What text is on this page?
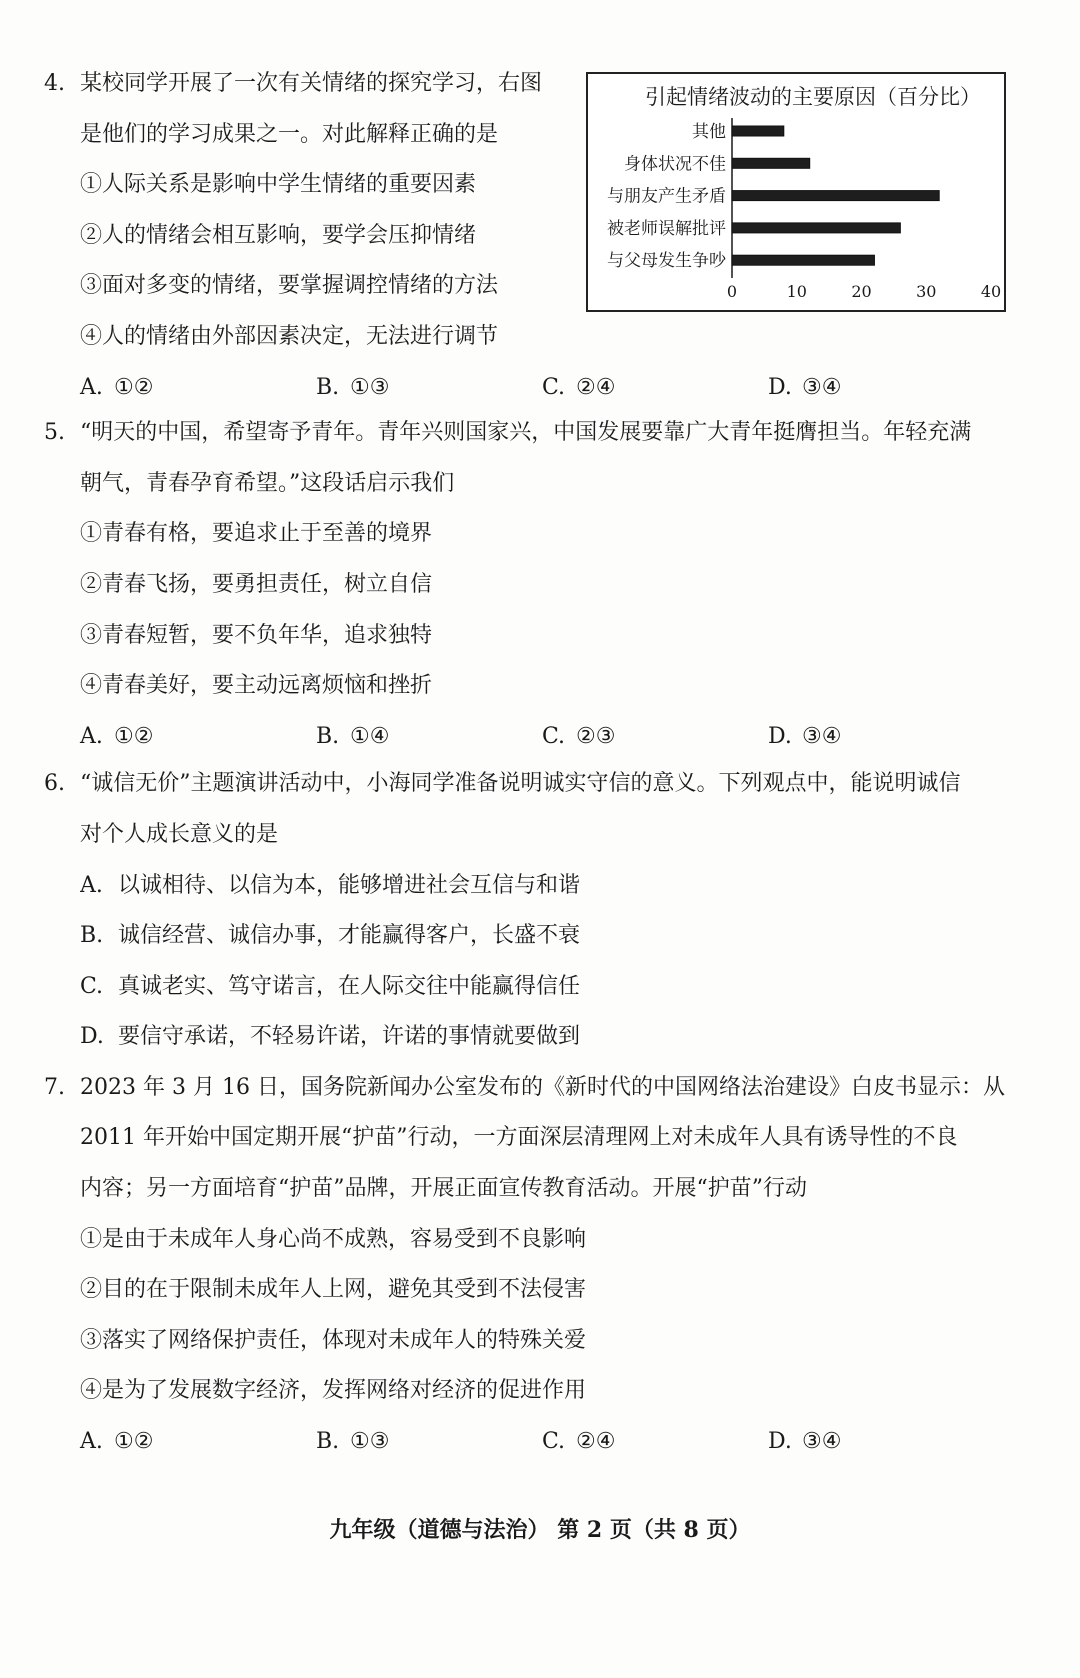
4. 某校同学开展了一次有关情绪的探究学习，右图
是他们的学习成果之一。对此解释正确的是
①人际关系是影响中学生情绪的重要因素
②人的情绪会相互影响，要学会压抑情绪
③面对多变的情绪，要掌握调控情绪的方法
④人的情绪由外部因素决定，无法进行调节
A. ①②	B. ①③	C. ②④	D. ③④
引起情绪波动的主要原因（百分比）
其他
身体状况不佳
与朋友产生矛盾
被老师误解批评
与父母发生争吵
0	10	20	30	40
5. “明天的中国，希望寄予青年。青年兴则国家兴，中国发展要靠广大青年挺膺担当。年轻充满
朝气，青春孕育希望。”这段话启示我们
①青春有格，要追求止于至善的境界
②青春飞扬，要勇担责任，树立自信
③青春短暂，要不负年华，追求独特
④青春美好，要主动远离烦恼和挫折
A. ①②	B. ①④	C. ②③	D. ③④
6. “诚信无价”主题演讲活动中，小海同学准备说明诚实守信的意义。下列观点中，能说明诚信
对个人成长意义的是
A. 以诚相待、以信为本，能够增进社会互信与和谐
B. 诚信经营、诚信办事，才能赢得客户，长盛不衰
C. 真诚老实、笃守诺言，在人际交往中能赢得信任
D. 要信守承诺，不轻易许诺，许诺的事情就要做到
7. 2023 年 3 月 16 日，国务院新闻办公室发布的《新时代的中国网络法治建设》白皮书显示：从
2011 年开始中国定期开展“护苗”行动，一方面深层清理网上对未成年人具有诱导性的不良
内容；另一方面培育“护苗”品牌，开展正面宣传教育活动。开展“护苗”行动
①是由于未成年人身心尚不成熟，容易受到不良影响
②目的在于限制未成年人上网，避免其受到不法侵害
③落实了网络保护责任，体现对未成年人的特殊关爱
④是为了发展数字经济，发挥网络对经济的促进作用
A. ①②	B. ①③	C. ②④	D. ③④
九年级（道德与法治） 第 2 页（共 8 页）
